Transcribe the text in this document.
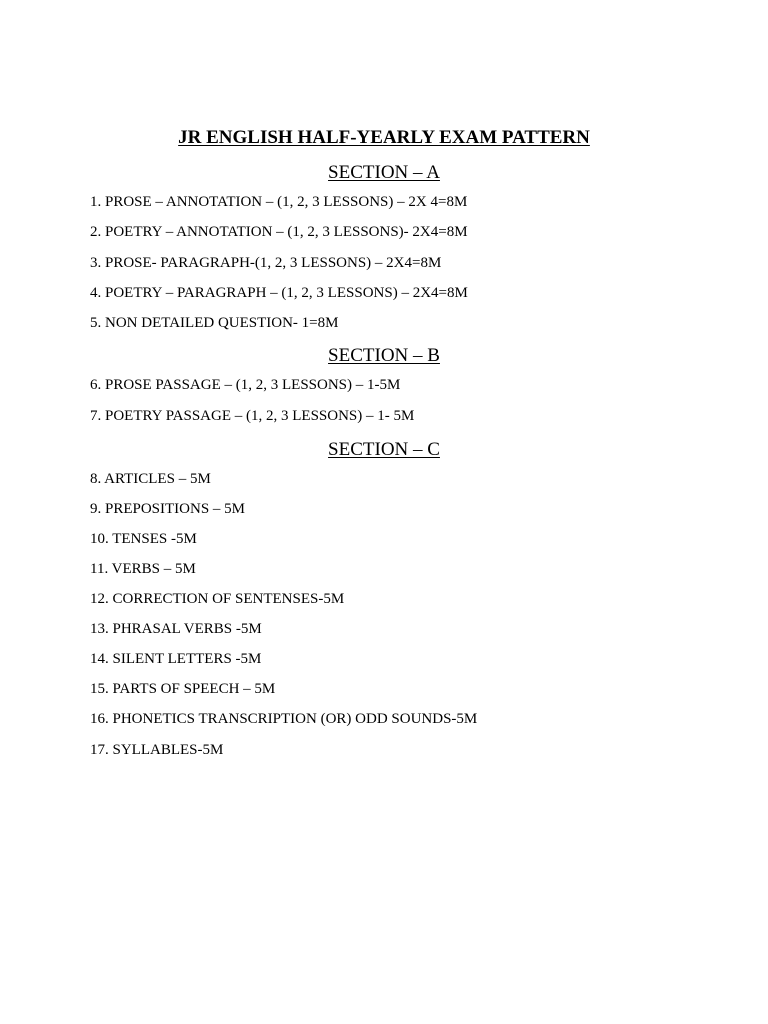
JR ENGLISH HALF-YEARLY EXAM PATTERN
SECTION – A
1. PROSE – ANNOTATION – (1, 2, 3 LESSONS) – 2X 4=8M
2. POETRY – ANNOTATION – (1, 2, 3 LESSONS)- 2X4=8M
3. PROSE- PARAGRAPH-(1, 2, 3 LESSONS) – 2X4=8M
4. POETRY – PARAGRAPH – (1, 2, 3 LESSONS) – 2X4=8M
5. NON DETAILED QUESTION- 1=8M
SECTION – B
6. PROSE PASSAGE – (1, 2, 3 LESSONS) – 1-5M
7. POETRY PASSAGE – (1, 2, 3 LESSONS) – 1- 5M
SECTION – C
8. ARTICLES – 5M
9. PREPOSITIONS – 5M
10. TENSES -5M
11. VERBS – 5M
12. CORRECTION OF SENTENSES-5M
13. PHRASAL VERBS -5M
14. SILENT LETTERS -5M
15. PARTS OF SPEECH – 5M
16. PHONETICS TRANSCRIPTION (OR) ODD SOUNDS-5M
17. SYLLABLES-5M
